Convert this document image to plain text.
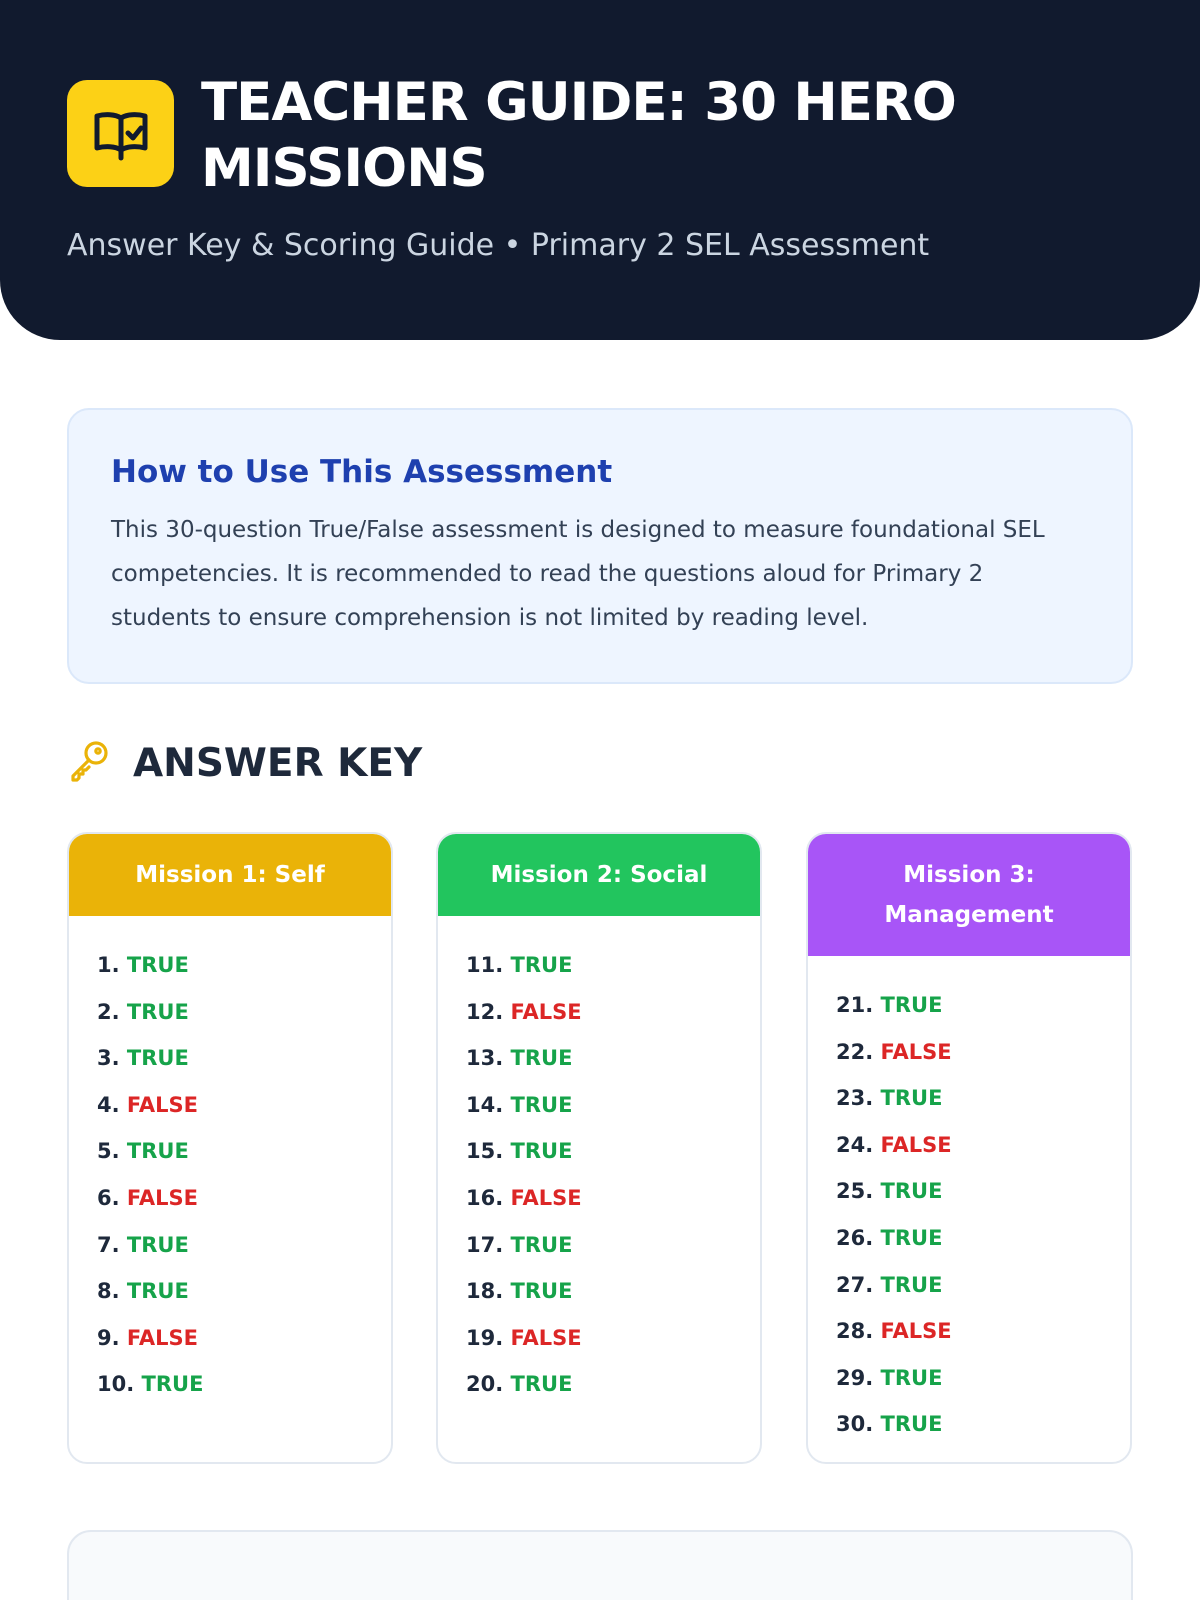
TEACHER GUIDE: 30 HERO MISSIONS
Answer Key & Scoring Guide • Primary 2 SEL Assessment
How to Use This Assessment

This 30-question True/False assessment is designed to measure foundational SEL competencies. It is recommended to read the questions aloud for Primary 2 students to ensure comprehension is not limited by reading level.

ANSWER KEY
Mission 1: Self
1. TRUE
2. TRUE
3. TRUE
4. FALSE
5. TRUE
6. FALSE
7. TRUE
8. TRUE
9. FALSE
10. TRUE
Mission 2: Social
11. TRUE
12. FALSE
13. TRUE
14. TRUE
15. TRUE
16. FALSE
17. TRUE
18. TRUE
19. FALSE
20. TRUE
Mission 3: Management
21. TRUE
22. FALSE
23. TRUE
24. FALSE
25. TRUE
26. TRUE
27. TRUE
28. FALSE
29. TRUE
30. TRUE
